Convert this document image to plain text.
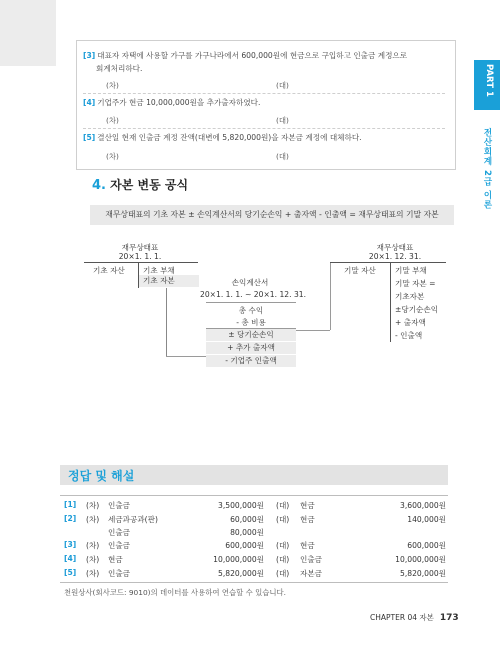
PART 1
전산회계 2급 이론
[3] 대표자 자택에 사용할 가구를 가구나라에서 600,000원에 현금으로 구입하고 인출금 계정으로
회계처리하다.
(차)	(대)
[4] 기업주가 현금 10,000,000원을 추가출자하였다.
(차)	(대)
[5] 결산일 현재 인출금 계정 잔액(대변에 5,820,000원)을 자본금 계정에 대체하다.
(차)	(대)
4. 자본 변동 공식
재무상태표의 기초 자본 ± 손익계산서의 당기순손익 + 출자액 - 인출액 = 재무상태표의 기말 자본
재무상태표
20×1. 1. 1.
기초 자산 기초 부채
기초 자본	손익계산서
20×1. 1. 1. ~ 20×1. 12. 31.
총 수익
- 총 비용
± 당기순손익
+ 추가 출자액
- 기업주 인출액
재무상태표
20×1. 12. 31.
기말 자산	기말 부채
기말 자본 =
기초자본
±당기순손익
+ 출자액
- 인출액
정답 및 해설
[1] (차) 인출금	3,500,000원 (대) 현금	3,600,000원
[2] (차) 세금과공과(판)	60,000원 (대) 현금	140,000원
인출금	80,000원
[3] (차) 인출금	600,000원 (대) 현금	600,000원
[4] (차) 현금	10,000,000원 (대) 인출금	10,000,000원
[5] (차) 인출금	5,820,000원 (대) 자본금	5,820,000원
천원상사(회사코드: 9010)의 데이터를 사용하여 연습할 수 있습니다.
CHAPTER 04 자본 173
